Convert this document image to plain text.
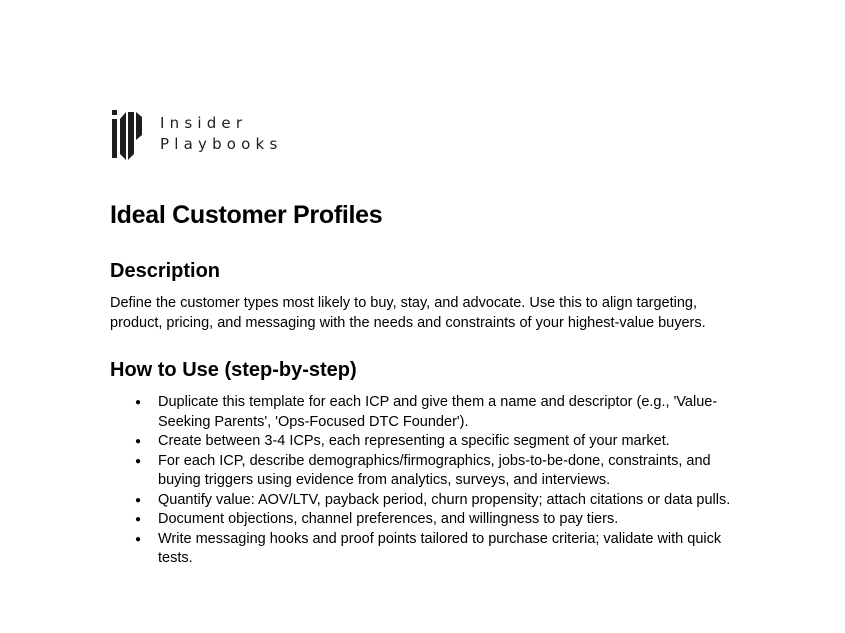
Insider
Playbooks
Ideal Customer Profiles
Description

Define the customer types most likely to buy, stay, and advocate. Use this to align targeting, product, pricing, and messaging with the needs and constraints of your highest-value buyers.

How to Use (step-by-step)
● Duplicate this template for each ICP and give them a name and descriptor (e.g., 'Value-Seeking Parents', 'Ops-Focused DTC Founder').
● Create between 3-4 ICPs, each representing a specific segment of your market.
● For each ICP, describe demographics/firmographics, jobs-to-be-done, constraints, and buying triggers using evidence from analytics, surveys, and interviews.
● Quantify value: AOV/LTV, payback period, churn propensity; attach citations or data pulls.
● Document objections, channel preferences, and willingness to pay tiers.
● Write messaging hooks and proof points tailored to purchase criteria; validate with quick tests.
